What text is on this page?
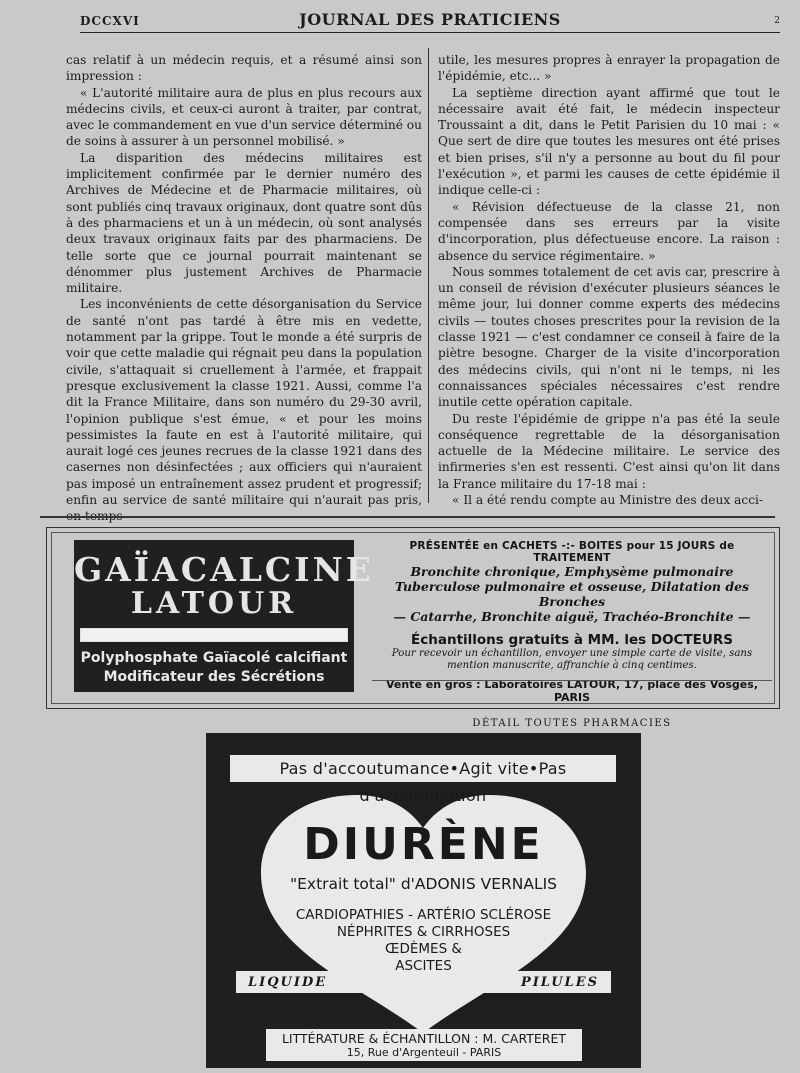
DCCXVI	JOURNAL DES PRATICIENS	2

cas relatif à un médecin requis, et a résumé ainsi son impression :

« L'autorité militaire aura de plus en plus recours aux médecins civils, et ceux-ci auront à traiter, par contrat, avec le commandement en vue d'un service déterminé ou de soins à assurer à un personnel mobilisé. »

La disparition des médecins militaires est implicitement confirmée par le dernier numéro des Archives de Médecine et de Pharmacie militaires, où sont publiés cinq travaux originaux, dont quatre sont dûs à des pharmaciens et un à un médecin, où sont analysés deux travaux originaux faits par des pharmaciens. De telle sorte que ce journal pourrait maintenant se dénommer plus justement Archives de Pharmacie militaire.

Les inconvénients de cette désorganisation du Service de santé n'ont pas tardé à être mis en vedette, notamment par la grippe. Tout le monde a été surpris de voir que cette maladie qui régnait peu dans la population civile, s'attaquait si cruellement à l'armée, et frappait presque exclusivement la classe 1921. Aussi, comme l'a dit la France Militaire, dans son numéro du 29-30 avril, l'opinion publique s'est émue, « et pour les moins pessimistes la faute en est à l'autorité militaire, qui aurait logé ces jeunes recrues de la classe 1921 dans des casernes non désinfectées ; aux officiers qui n'auraient pas imposé un entraînement assez prudent et progressif; enfin au service de santé militaire qui n'aurait pas pris, en temps

utile, les mesures propres à enrayer la propagation de l'épidémie, etc... »

La septième direction ayant affirmé que tout le nécessaire avait été fait, le médecin inspecteur Troussaint a dit, dans le Petit Parisien du 10 mai : « Que sert de dire que toutes les mesures ont été prises et bien prises, s'il n'y a personne au bout du fil pour l'exécution », et parmi les causes de cette épidémie il indique celle-ci :

« Révision défectueuse de la classe 21, non compensée dans ses erreurs par la visite d'incorporation, plus défectueuse encore. La raison : absence du service régimentaire. »

Nous sommes totalement de cet avis car, prescrire à un conseil de révision d'exécuter plusieurs séances le même jour, lui donner comme experts des médecins civils — toutes choses prescrites pour la revision de la classe 1921 — c'est condamner ce conseil à faire de la piètre besogne. Charger de la visite d'incorporation des médecins civils, qui n'ont ni le temps, ni les connaissances spéciales nécessaires c'est rendre inutile cette opération capitale.

Du reste l'épidémie de grippe n'a pas été la seule conséquence regrettable de la désorganisation actuelle de la Médecine militaire. Le service des infirmeries s'en est ressenti. C'est ainsi qu'on lit dans la France militaire du 17-18 mai :

« Il a été rendu compte au Ministre des deux acci-

GAÏACALCINE
LATOUR
Polyphosphate Gaïacolé calcifiant
Modificateur des Sécrétions
PRÉSENTÉE en CACHETS -:- BOITES pour 15 JOURS de TRAITEMENT
Bronchite chronique, Emphysème pulmonaire
Tuberculose pulmonaire et osseuse, Dilatation des Bronches
— Catarrhe, Bronchite aiguë, Trachéo-Bronchite —
Échantillons gratuits à MM. les DOCTEURS
Pour recevoir un échantillon, envoyer une simple carte de visite, sans
mention manuscrite, affranchie à cinq centimes.
Vente en gros : Laboratoires LATOUR, 17, place des Vosges, PARIS
DÉTAIL TOUTES PHARMACIES
Pas d'accoutumance•Agit vite•Pas d'accumulation
DIURÈNE
"Extrait total" d'ADONIS VERNALIS
CARDIOPATHIES - ARTÉRIO SCLÉROSE
NÉPHRITES & CIRRHOSES
ŒDÈMES &
ASCITES
LIQUIDE	PILULES
LITTÉRATURE & ÉCHANTILLON : M. CARTERET
15, Rue d'Argenteuil - PARIS
